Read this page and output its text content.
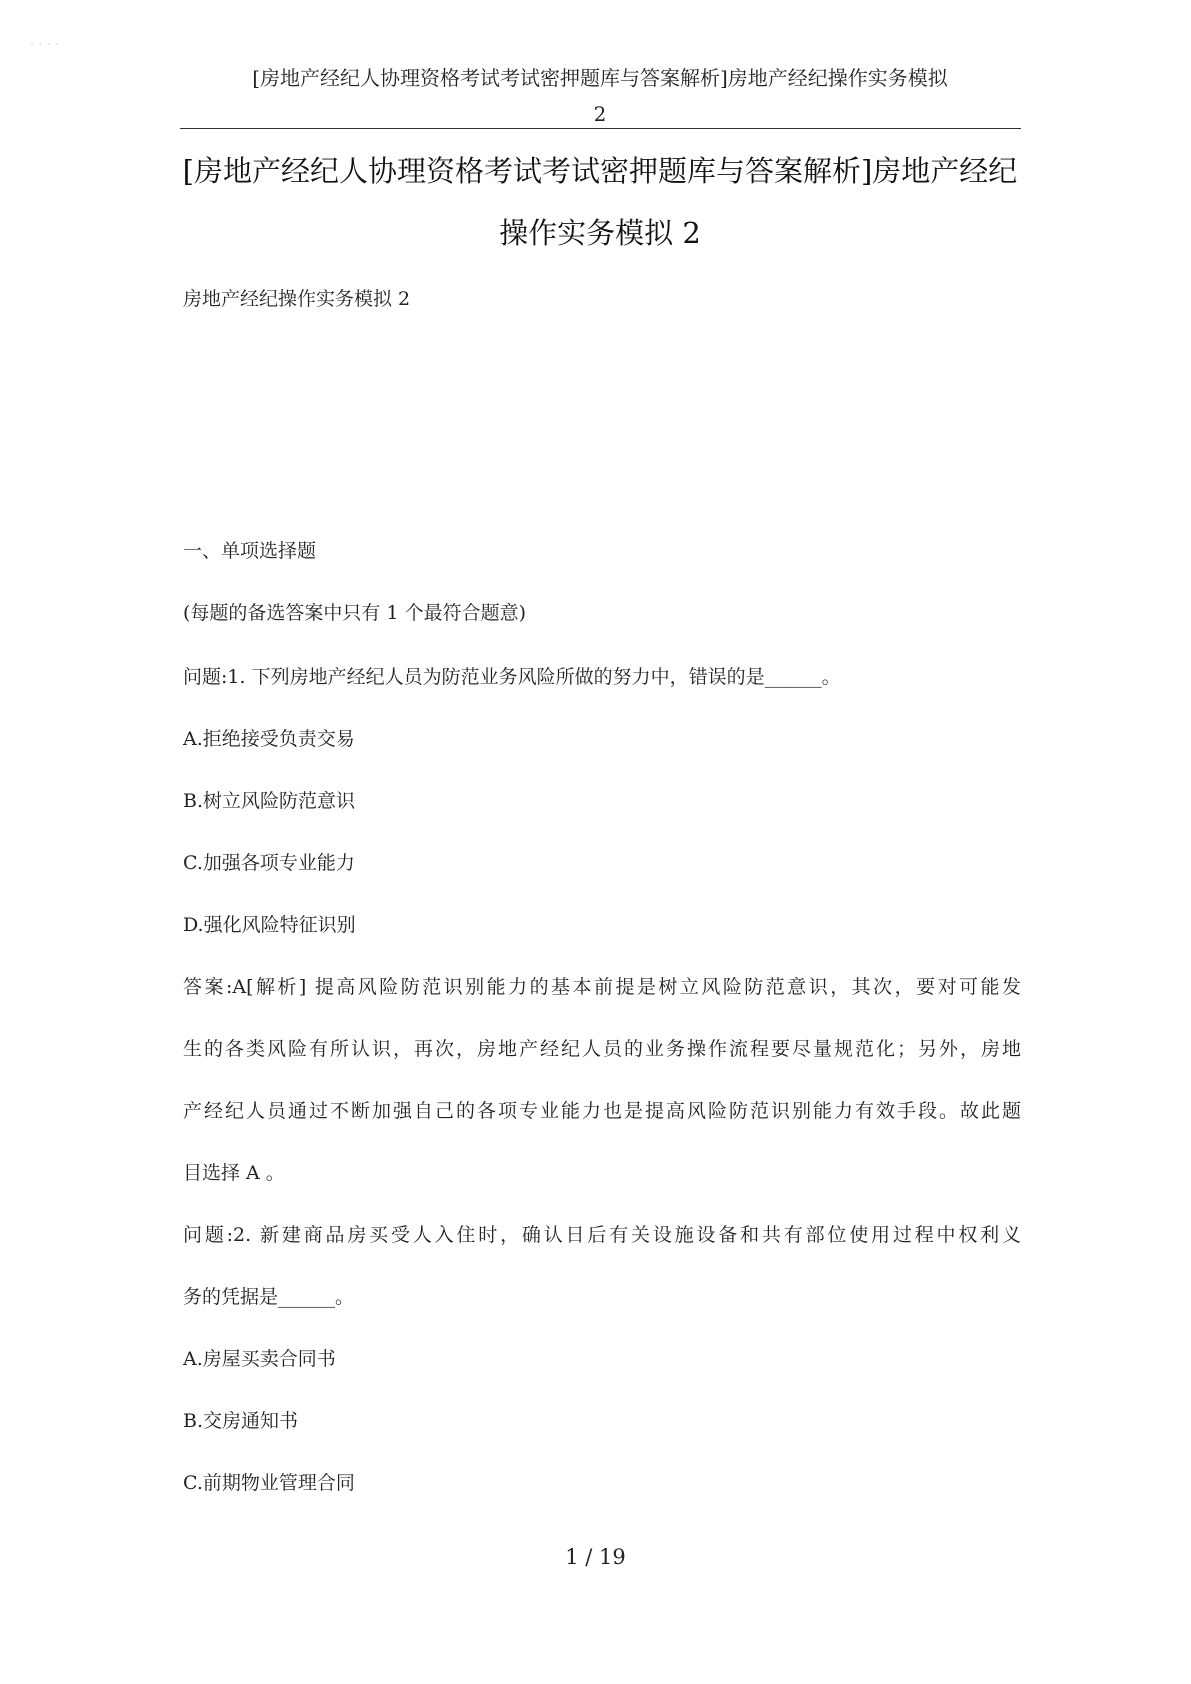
· · · ·
[房地产经纪人协理资格考试考试密押题库与答案解析]房地产经纪操作实务模拟
2
[房地产经纪人协理资格考试考试密押题库与答案解析]房地产经纪
操作实务模拟 2
房地产经纪操作实务模拟 2
一、单项选择题
(每题的备选答案中只有 1 个最符合题意)
问题:1. 下列房地产经纪人员为防范业务风险所做的努力中，错误的是______。
A.拒绝接受负责交易
B.树立风险防范意识
C.加强各项专业能力
D.强化风险特征识别
答案:A[解析] 提高风险防范识别能力的基本前提是树立风险防范意识，其次，要对可能发
生的各类风险有所认识，再次，房地产经纪人员的业务操作流程要尽量规范化；另外，房地
产经纪人员通过不断加强自己的各项专业能力也是提高风险防范识别能力有效手段。故此题
目选择 A 。
问题:2. 新建商品房买受人入住时，确认日后有关设施设备和共有部位使用过程中权利义
务的凭据是______。
A.房屋买卖合同书
B.交房通知书
C.前期物业管理合同
1 / 19
